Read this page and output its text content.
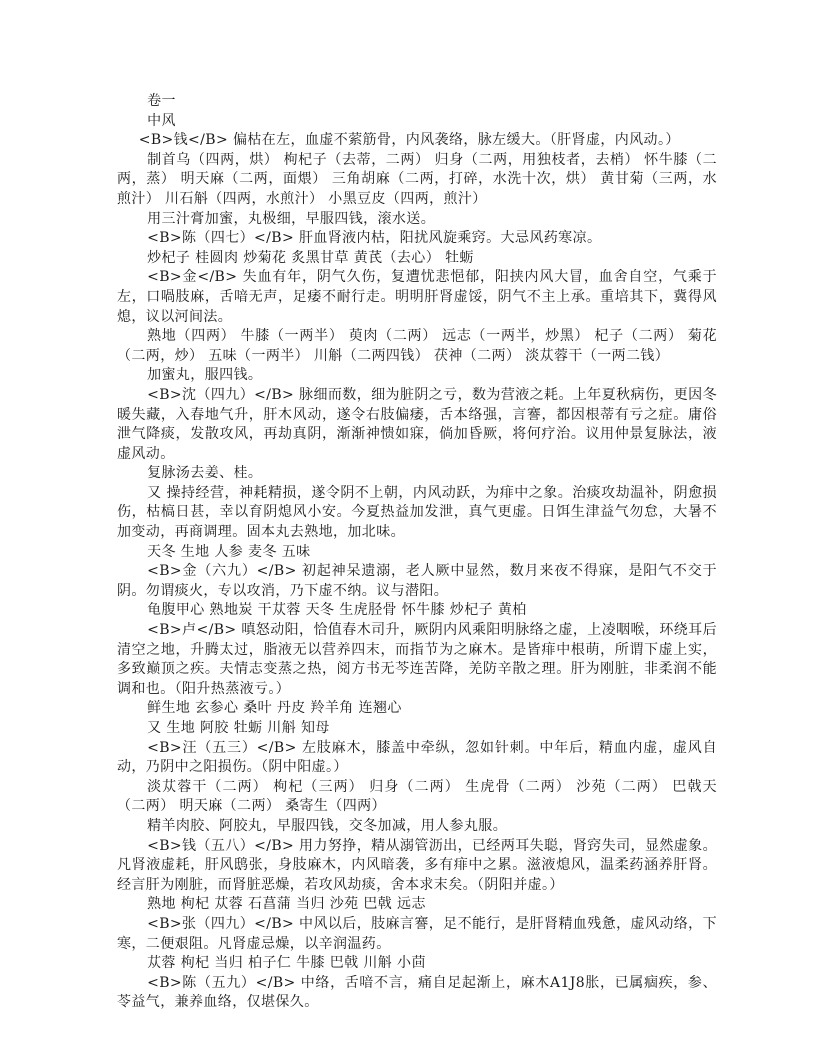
卷一

中风

<B>钱</B> 偏枯在左，血虚不萦筋骨，内风袭络，脉左缓大。（肝肾虚，内风动。）

制首乌（四两，烘） 枸杞子（去蒂，二两） 归身（二两，用独枝者，去梢） 怀牛膝（二两，蒸） 明天麻（二两，面煨） 三角胡麻（二两，打碎，水洗十次，烘） 黄甘菊（三两，水煎汁） 川石斛（四两，水煎汁） 小黑豆皮（四两，煎汁）

用三汁膏加蜜，丸极细，早服四钱，滚水送。

<B>陈（四七）</B> 肝血肾液内枯，阳扰风旋乘窍。大忌风药寒凉。

炒杞子 桂圆肉 炒菊花 炙黑甘草 黄芪（去心） 牡蛎

<B>金</B> 失血有年，阴气久伤，复遭忧悲悒郁，阳挟内风大冒，血舍自空，气乘于左，口喎肢麻，舌喑无声，足痿不耐行走。明明肝肾虚馁，阴气不主上承。重培其下，冀得风熄，议以河间法。

熟地（四两） 牛膝（一两半） 萸肉（二两） 远志（一两半，炒黑） 杞子（二两） 菊花（二两，炒） 五味（一两半） 川斛（二两四钱） 茯神（二两） 淡苁蓉干（一两二钱）

加蜜丸，服四钱。

<B>沈（四九）</B> 脉细而数，细为脏阴之亏，数为营液之耗。上年夏秋病伤，更因冬暖失藏，入春地气升，肝木风动，遂令右肢偏痿，舌本络强，言謇，都因根蒂有亏之症。庸俗泄气降痰，发散攻风，再劫真阴，渐渐神愦如寐，倘加昏厥，将何疗治。议用仲景复脉法，液虚风动。

复脉汤去姜、桂。

又 操持经营，神耗精损，遂令阴不上朝，内风动跃，为痱中之象。治痰攻劫温补，阴愈损伤，枯槁日甚，幸以育阴熄风小安。今夏热益加发泄，真气更虚。日饵生津益气勿怠，大暑不加变动，再商调理。固本丸去熟地，加北味。

天冬 生地 人参 麦冬 五味

<B>金（六九）</B> 初起神呆遗溺，老人厥中显然，数月来夜不得寐，是阳气不交于阴。勿谓痰火，专以攻消，乃下虚不纳。议与潜阳。

龟腹甲心 熟地炭 干苁蓉 天冬 生虎胫骨 怀牛膝 炒杞子 黄柏

<B>卢</B> 嗔怒动阳，恰值春木司升，厥阴内风乘阳明脉络之虚，上凌咽喉，环绕耳后清空之地，升腾太过，脂液无以营养四末，而指节为之麻木。是皆痱中根萌，所谓下虚上实，多致巅顶之疾。夫情志变蒸之热，阅方书无芩连苦降，羌防辛散之理。肝为刚脏，非柔润不能调和也。（阳升热蒸液亏。）

鲜生地 玄参心 桑叶 丹皮 羚羊角 连翘心

又 生地 阿胶 牡蛎 川斛 知母

<B>汪（五三）</B> 左肢麻木，膝盖中牵纵，忽如针刺。中年后，精血内虚，虚风自动，乃阴中之阳损伤。（阴中阳虚。）

淡苁蓉干（二两） 枸杞（三两） 归身（二两） 生虎骨（二两） 沙苑（二两） 巴戟天（二两） 明天麻（二两） 桑寄生（四两）

精羊肉胶、阿胶丸，早服四钱，交冬加减，用人参丸服。

<B>钱（五八）</B> 用力努挣，精从溺管沥出，已经两耳失聪，肾窍失司，显然虚象。凡肾液虚耗，肝风鸱张，身肢麻木，内风暗袭，多有痱中之累。滋液熄风，温柔药涵养肝肾。经言肝为刚脏，而肾脏恶燥，若攻风劫痰，舍本求末矣。（阴阳并虚。）

熟地 枸杞 苁蓉 石菖蒲 当归 沙苑 巴戟 远志

<B>张（四九）</B> 中风以后，肢麻言謇，足不能行，是肝肾精血残惫，虚风动络，下寒，二便艰阻。凡肾虚忌燥，以辛润温药。

苁蓉 枸杞 当归 柏子仁 牛膝 巴戟 川斛 小茴

<B>陈（五九）</B> 中络，舌喑不言，痛自足起渐上，麻木A1J8胀，已属痼疾，参、苓益气，兼养血络，仅堪保久。
